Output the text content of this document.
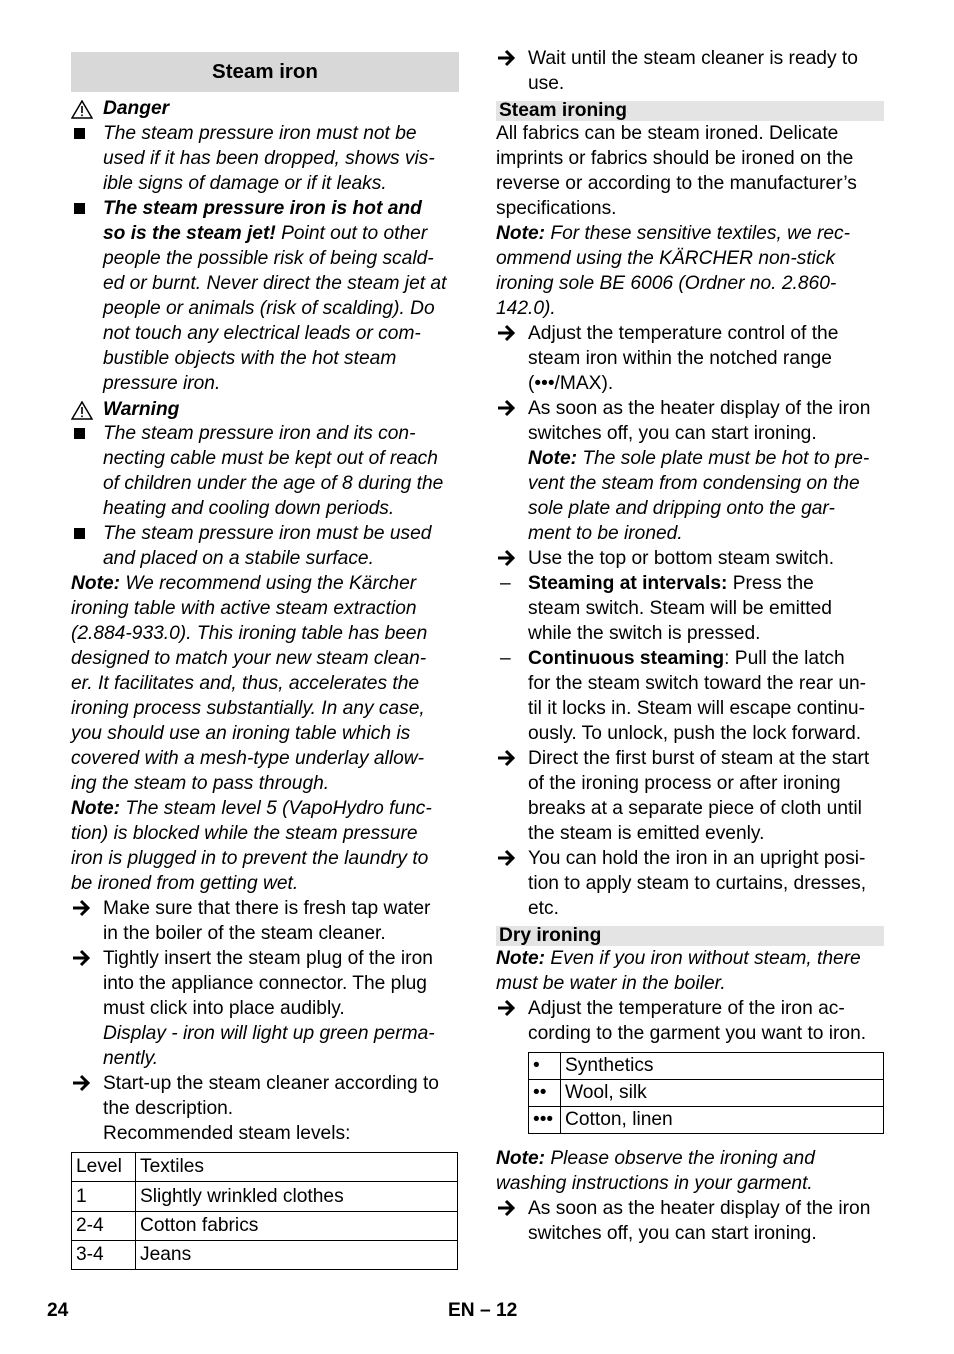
Steam iron
Danger
The steam pressure iron must not be
used if it has been dropped, shows vis-
ible signs of damage or if it leaks.
The steam pressure iron is hot and
so is the steam jet! Point out to other
people the possible risk of being scald-
ed or burnt. Never direct the steam jet at
people or animals (risk of scalding). Do
not touch any electrical leads or com-
bustible objects with the hot steam
pressure iron.
Warning
The steam pressure iron and its con-
necting cable must be kept out of reach
of children under the age of 8 during the
heating and cooling down periods.
The steam pressure iron must be used
and placed on a stabile surface.
Note: We recommend using the Kärcher
ironing table with active steam extraction
(2.884-933.0). This ironing table has been
designed to match your new steam clean-
er. It facilitates and, thus, accelerates the
ironing process substantially. In any case,
you should use an ironing table which is
covered with a mesh-type underlay allow-
ing the steam to pass through.
Note: The steam level 5 (VapoHydro func-
tion) is blocked while the steam pressure
iron is plugged in to prevent the laundry to
be ironed from getting wet.
Make sure that there is fresh tap water
in the boiler of the steam cleaner.
Tightly insert the steam plug of the iron
into the appliance connector. The plug
must click into place audibly.
Display - iron will light up green perma-
nently.
Start-up the steam cleaner according to
the description.
Recommended steam levels:
Level	Textiles
1	Slightly wrinkled clothes
2-4	Cotton fabrics
3-4	Jeans
Wait until the steam cleaner is ready to
use.
Steam ironing
All fabrics can be steam ironed. Delicate
imprints or fabrics should be ironed on the
reverse or according to the manufacturer’s
specifications.
Note: For these sensitive textiles, we rec-
ommend using the KÄRCHER non-stick
ironing sole BE 6006 (Ordner no. 2.860-
142.0).
Adjust the temperature control of the
steam iron within the notched range
(•••/MAX).
As soon as the heater display of the iron
switches off, you can start ironing.
Note: The sole plate must be hot to pre-
vent the steam from condensing on the
sole plate and dripping onto the gar-
ment to be ironed.
Use the top or bottom steam switch.
– Steaming at intervals: Press the
steam switch. Steam will be emitted
while the switch is pressed.
– Continuous steaming: Pull the latch
for the steam switch toward the rear un-
til it locks in. Steam will escape continu-
ously. To unlock, push the lock forward.
Direct the first burst of steam at the start
of the ironing process or after ironing
breaks at a separate piece of cloth until
the steam is emitted evenly.
You can hold the iron in an upright posi-
tion to apply steam to curtains, dresses,
etc.
Dry ironing
Note: Even if you iron without steam, there
must be water in the boiler.
Adjust the temperature of the iron ac-
cording to the garment you want to iron.
•	Synthetics
••	Wool, silk
•••	Cotton, linen
Note: Please observe the ironing and
washing instructions in your garment.
As soon as the heater display of the iron
switches off, you can start ironing.
24	EN – 12
